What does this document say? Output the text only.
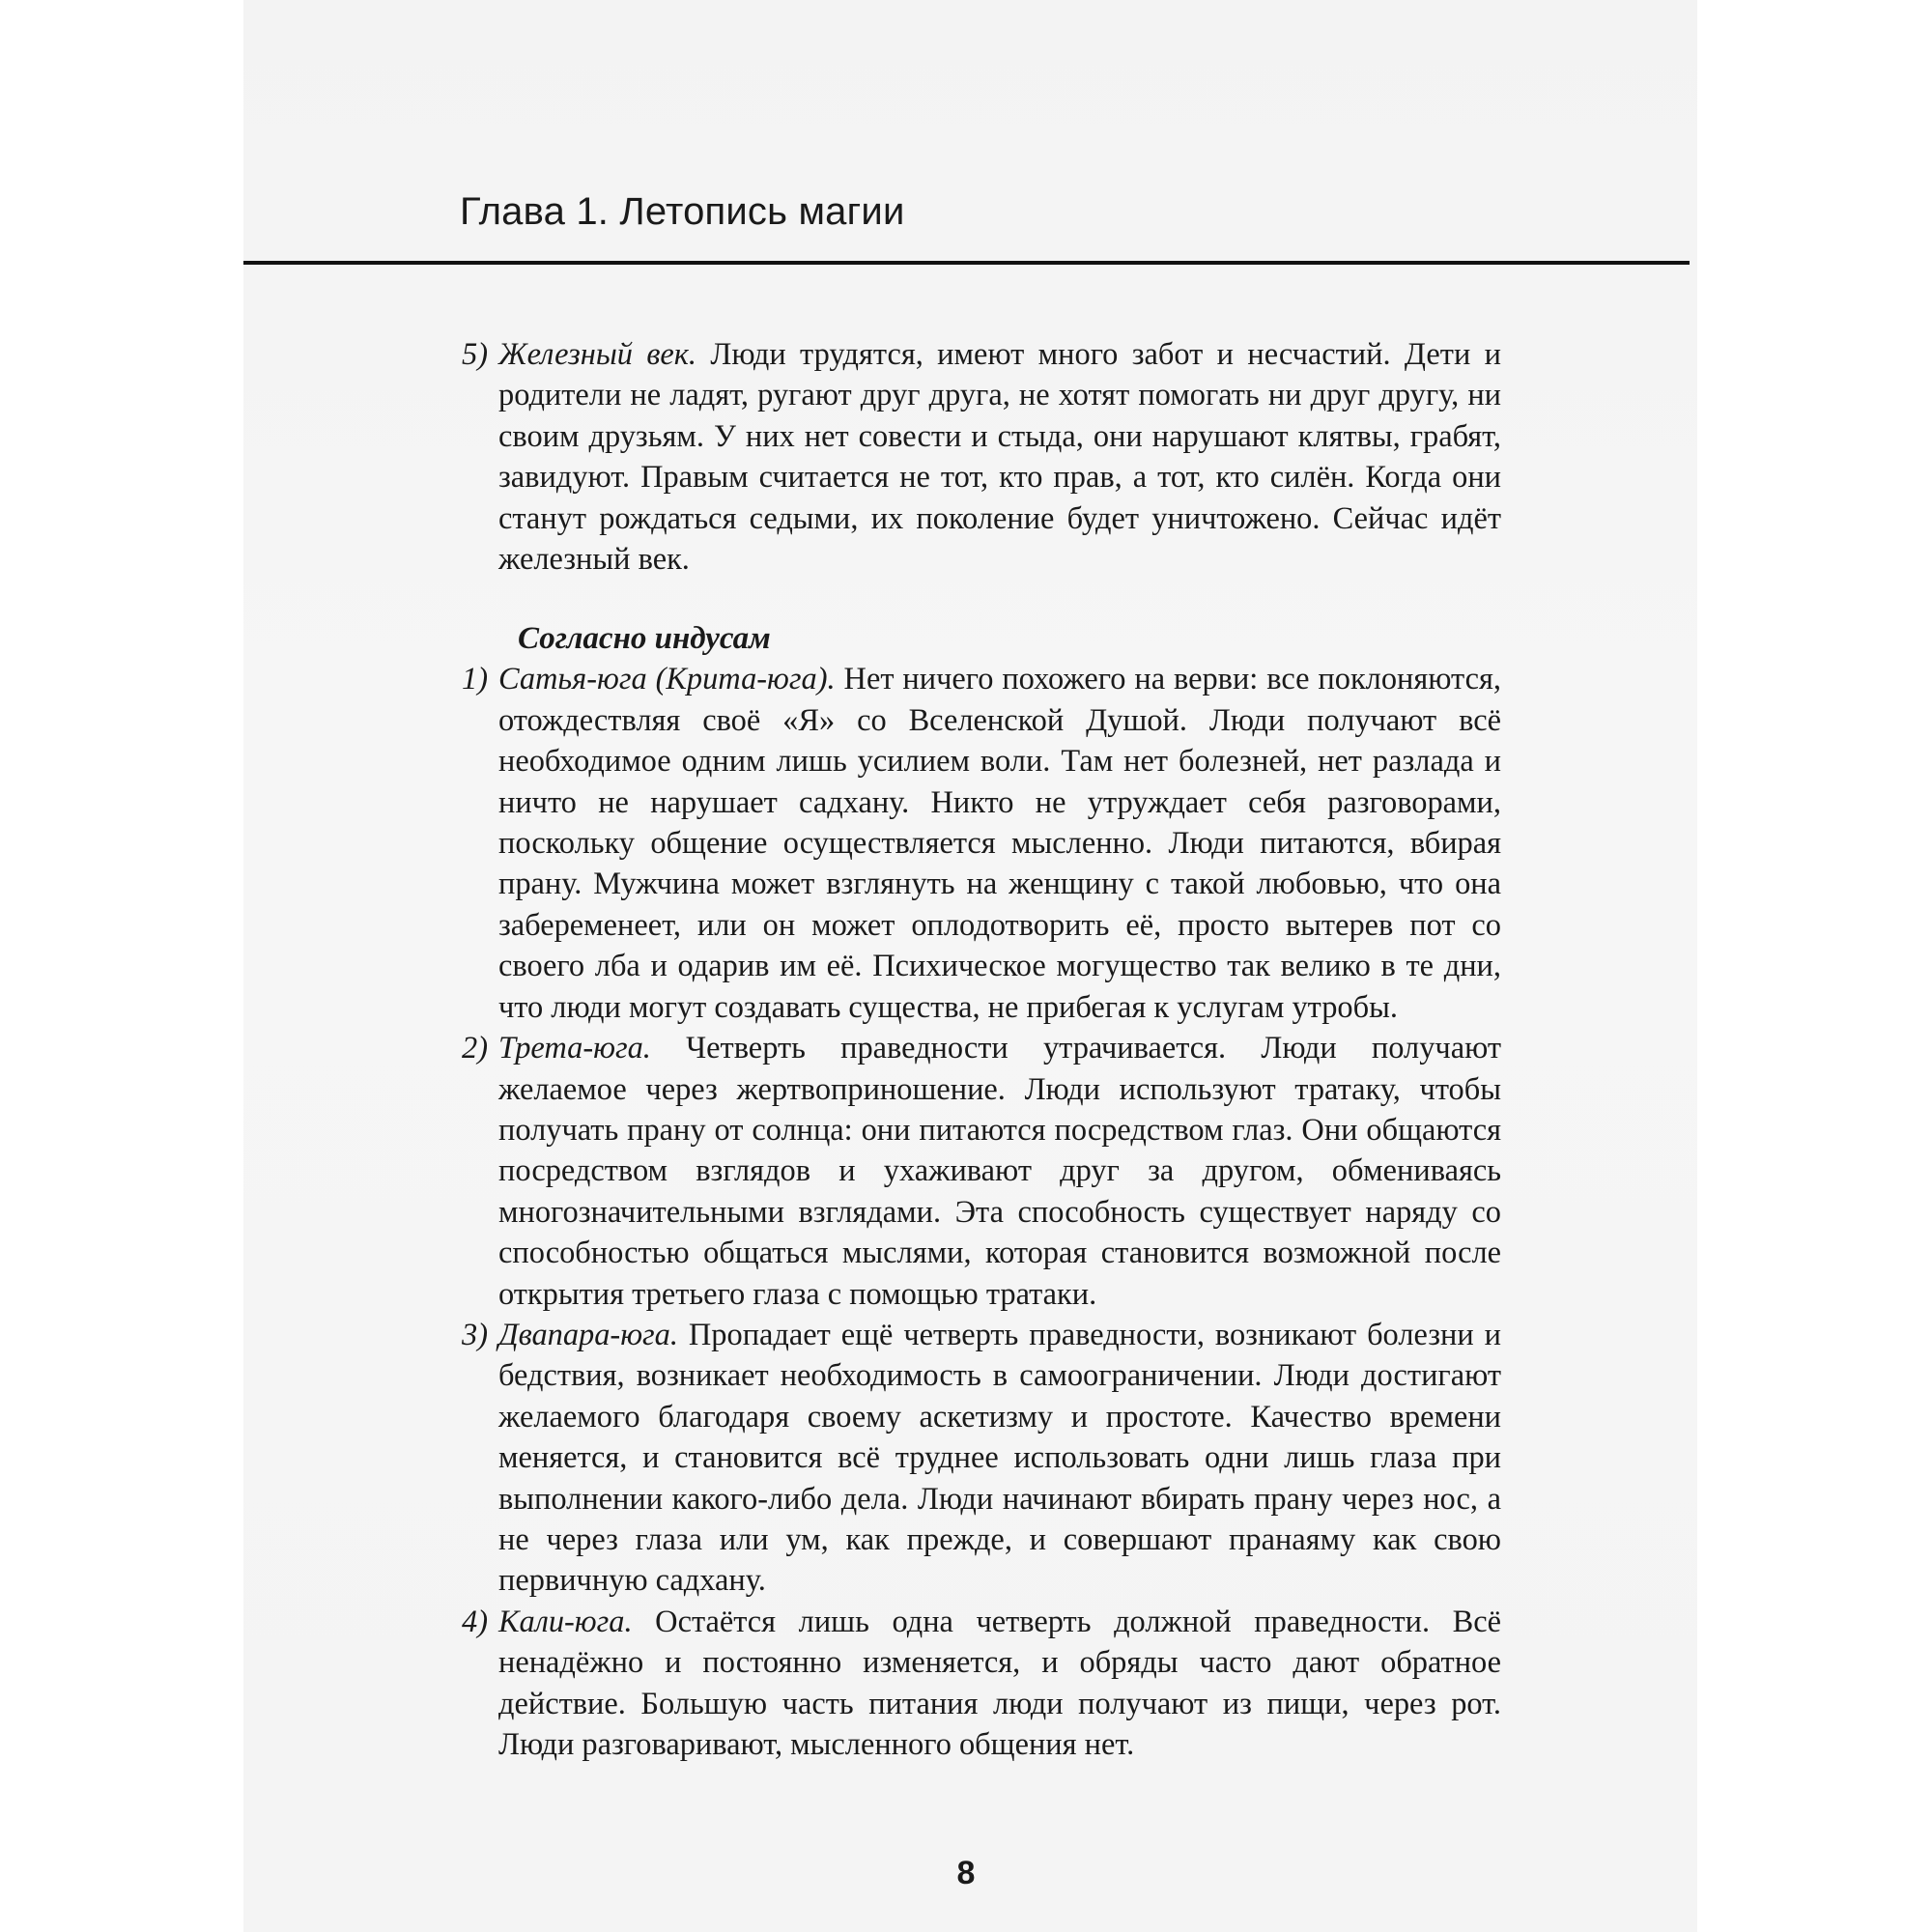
Глава 1. Летопись магии

5) Железный век. Люди трудятся, имеют много забот и несчастий. Дети и родители не ладят, ругают друг друга, не хотят помогать ни друг другу, ни своим друзьям. У них нет совести и стыда, они нарушают клятвы, грабят, завидуют. Правым считается не тот, кто прав, а тот, кто силён. Когда они станут рождаться седыми, их поколение будет уничтожено. Сейчас идёт железный век.

Согласно индусам

1) Сатья-юга (Крита-юга). Нет ничего похожего на верви: все поклоняются, отождествляя своё «Я» со Вселенской Душой. Люди получают всё необходимое одним лишь усилием воли. Там нет болезней, нет разлада и ничто не нарушает садхану. Никто не утруждает себя разговорами, поскольку общение осуществляется мысленно. Люди питаются, вбирая прану. Мужчина может взглянуть на женщину с такой любовью, что она забеременеет, или он может оплодотворить её, просто вытерев пот со своего лба и одарив им её. Психическое могущество так велико в те дни, что люди могут создавать существа, не прибегая к услугам утробы.

2) Трета-юга. Четверть праведности утрачивается. Люди получают желаемое через жертвоприношение. Люди используют тратаку, чтобы получать прану от солнца: они питаются посредством глаз. Они общаются посредством взглядов и ухаживают друг за другом, обмениваясь многозначительными взглядами. Эта способность существует наряду со способностью общаться мыслями, которая становится возможной после открытия третьего глаза с помощью тратаки.

3) Двапара-юга. Пропадает ещё четверть праведности, возникают болезни и бедствия, возникает необходимость в самоограничении. Люди достигают желаемого благодаря своему аскетизму и простоте. Качество времени меняется, и становится всё труднее использовать одни лишь глаза при выполнении какого-либо дела. Люди начинают вбирать прану через нос, а не через глаза или ум, как прежде, и совершают пранаяму как свою первичную садхану.

4) Кали-юга. Остаётся лишь одна четверть должной праведности. Всё ненадёжно и постоянно изменяется, и обряды часто дают обратное действие. Большую часть питания люди получают из пищи, через рот. Люди разговаривают, мысленного общения нет.

8
